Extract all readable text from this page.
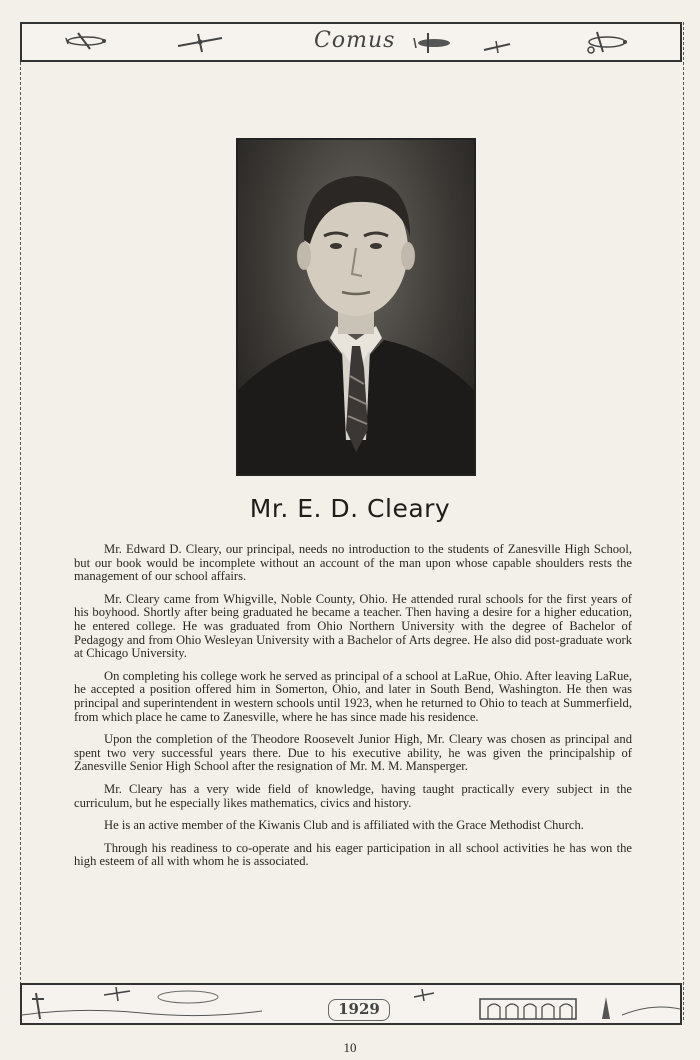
Comus
Mr. E. D. Cleary

Mr. Edward D. Cleary, our principal, needs no introduction to the students of Zanesville High School, but our book would be incomplete without an account of the man upon whose capable shoulders rests the management of our school affairs.

Mr. Cleary came from Whigville, Noble County, Ohio. He attended rural schools for the first years of his boyhood. Shortly after being graduated he became a teacher. Then having a desire for a higher education, he entered college. He was graduated from Ohio Northern University with the degree of Bachelor of Pedagogy and from Ohio Wesleyan University with a Bachelor of Arts degree. He also did post-graduate work at Chicago University.

On completing his college work he served as principal of a school at LaRue, Ohio. After leaving LaRue, he accepted a position offered him in Somerton, Ohio, and later in South Bend, Washington. He then was principal and superintendent in western schools until 1923, when he returned to Ohio to teach at Summerfield, from which place he came to Zanesville, where he has since made his residence.

Upon the completion of the Theodore Roosevelt Junior High, Mr. Cleary was chosen as principal and spent two very successful years there. Due to his executive ability, he was given the principalship of Zanesville Senior High School after the resignation of Mr. M. M. Mansperger.

Mr. Cleary has a very wide field of knowledge, having taught practically every subject in the curriculum, but he especially likes mathematics, civics and history.

He is an active member of the Kiwanis Club and is affiliated with the Grace Methodist Church.

Through his readiness to co-operate and his eager participation in all school activities he has won the high esteem of all with whom he is associated.

1929
10
